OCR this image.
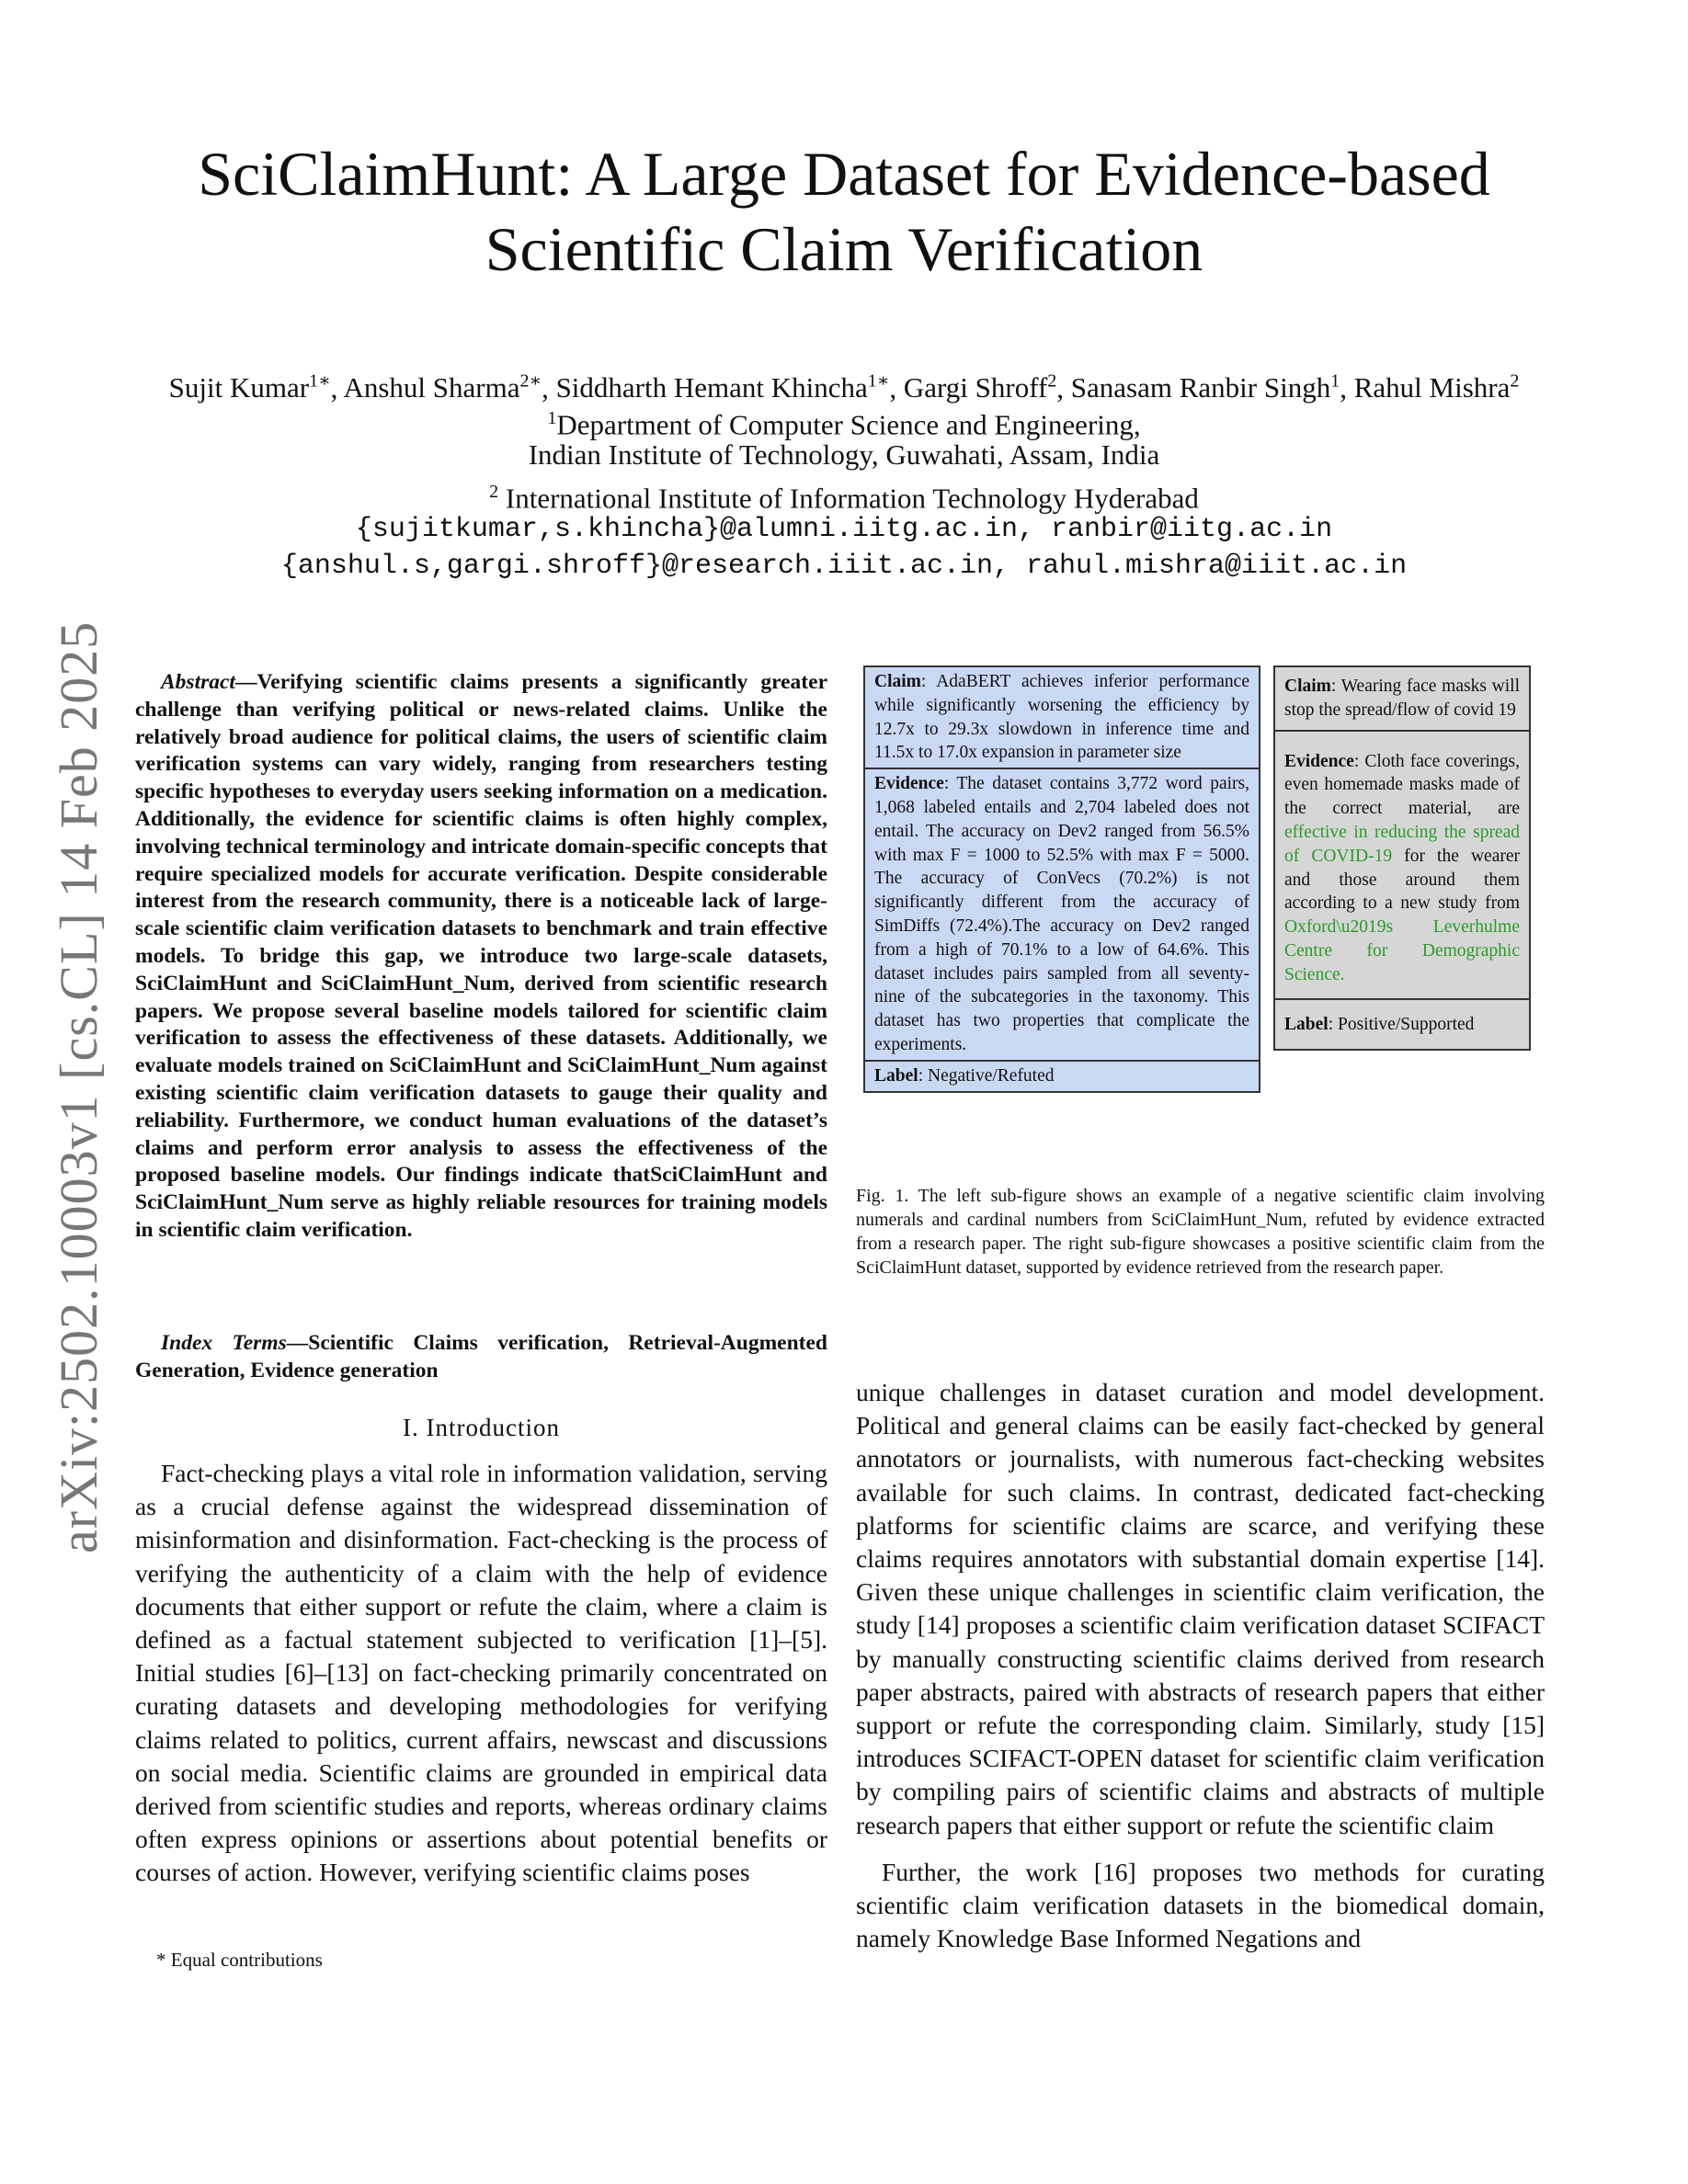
arXiv:2502.10003v1 [cs.CL] 14 Feb 2025
SciClaimHunt: A Large Dataset for Evidence-based
Scientific Claim Verification
Sujit Kumar$^{1∗}$, Anshul Sharma$^{2∗}$, Siddharth Hemant Khincha$^{1∗}$, Gargi Shroff$^2$, Sanasam Ranbir Singh$^1$, Rahul Mishra$^2$
$^1$Department of Computer Science and Engineering,
Indian Institute of Technology, Guwahati, Assam, India
$^2$ International Institute of Information Technology Hyderabad
{sujitkumar,s.khincha}@alumni.iitg.ac.in, ranbir@iitg.ac.in
{anshul.s,gargi.shroff}@research.iiit.ac.in, rahul.mishra@iiit.ac.in
Abstract—Verifying scientific claims presents a significantly greater challenge than verifying political or news-related claims. Unlike the relatively broad audience for political claims, the users of scientific claim verification systems can vary widely, ranging from researchers testing specific hypotheses to everyday users seeking information on a medication. Additionally, the evidence for scientific claims is often highly complex, involving technical terminology and intricate domain-specific concepts that require specialized models for accurate verification. Despite considerable interest from the research community, there is a noticeable lack of large-scale scientific claim verification datasets to benchmark and train effective models. To bridge this gap, we introduce two large-scale datasets, SciClaimHunt and SciClaimHunt_Num, derived from scientific research papers. We propose several baseline models tailored for scientific claim verification to assess the effectiveness of these datasets. Additionally, we evaluate models trained on SciClaimHunt and SciClaimHunt_Num against existing scientific claim verification datasets to gauge their quality and reliability. Furthermore, we conduct human evaluations of the dataset’s claims and perform error analysis to assess the effectiveness of the proposed baseline models. Our findings indicate thatSciClaimHunt and SciClaimHunt_Num serve as highly reliable resources for training models in scientific claim verification.
Index Terms—Scientific Claims verification, Retrieval-Augmented Generation, Evidence generation
I. Introduction
Fact-checking plays a vital role in information validation, serving as a crucial defense against the widespread dissemination of misinformation and disinformation. Fact-checking is the process of verifying the authenticity of a claim with the help of evidence documents that either support or refute the claim, where a claim is defined as a factual statement subjected to verification [1]–[5]. Initial studies [6]–[13] on fact-checking primarily concentrated on curating datasets and developing methodologies for verifying claims related to politics, current affairs, newscast and discussions on social media. Scientific claims are grounded in empirical data derived from scientific studies and reports, whereas ordinary claims often express opinions or assertions about potential benefits or courses of action. However, verifying scientific claims poses
* Equal contributions
Claim: AdaBERT achieves inferior performance while significantly worsening the efficiency by 12.7x to 29.3x slowdown in inference time and 11.5x to 17.0x expansion in parameter size
Evidence: The dataset contains 3,772 word pairs, 1,068 labeled entails and 2,704 labeled does not entail. The accuracy on Dev2 ranged from 56.5% with max F = 1000 to 52.5% with max F = 5000. The accuracy of ConVecs (70.2%) is not significantly different from the accuracy of SimDiffs (72.4%).The accuracy on Dev2 ranged from a high of 70.1% to a low of 64.6%. This dataset includes pairs sampled from all seventy-nine of the subcategories in the taxonomy. This dataset has two properties that complicate the experiments.
Label: Negative/Refuted
Claim: Wearing face masks will stop the spread/flow of covid 19
Evidence: Cloth face coverings, even homemade masks made of the correct material, are effective in reducing the spread of COVID-19 for the wearer and those around them according to a new study from Oxford\u2019s Leverhulme Centre for Demographic Science.
Label: Positive/Supported
Fig. 1. The left sub-figure shows an example of a negative scientific claim involving numerals and cardinal numbers from SciClaimHunt_Num, refuted by evidence extracted from a research paper. The right sub-figure showcases a positive scientific claim from the SciClaimHunt dataset, supported by evidence retrieved from the research paper.
unique challenges in dataset curation and model development. Political and general claims can be easily fact-checked by general annotators or journalists, with numerous fact-checking websites available for such claims. In contrast, dedicated fact-checking platforms for scientific claims are scarce, and verifying these claims requires annotators with substantial domain expertise [14]. Given these unique challenges in scientific claim verification, the study [14] proposes a scientific claim verification dataset SCIFACT by manually constructing scientific claims derived from research paper abstracts, paired with abstracts of research papers that either support or refute the corresponding claim. Similarly, study [15] introduces SCIFACT-OPEN dataset for scientific claim verification by compiling pairs of scientific claims and abstracts of multiple research papers that either support or refute the scientific claim
Further, the work [16] proposes two methods for curating scientific claim verification datasets in the biomedical domain, namely Knowledge Base Informed Negations and
